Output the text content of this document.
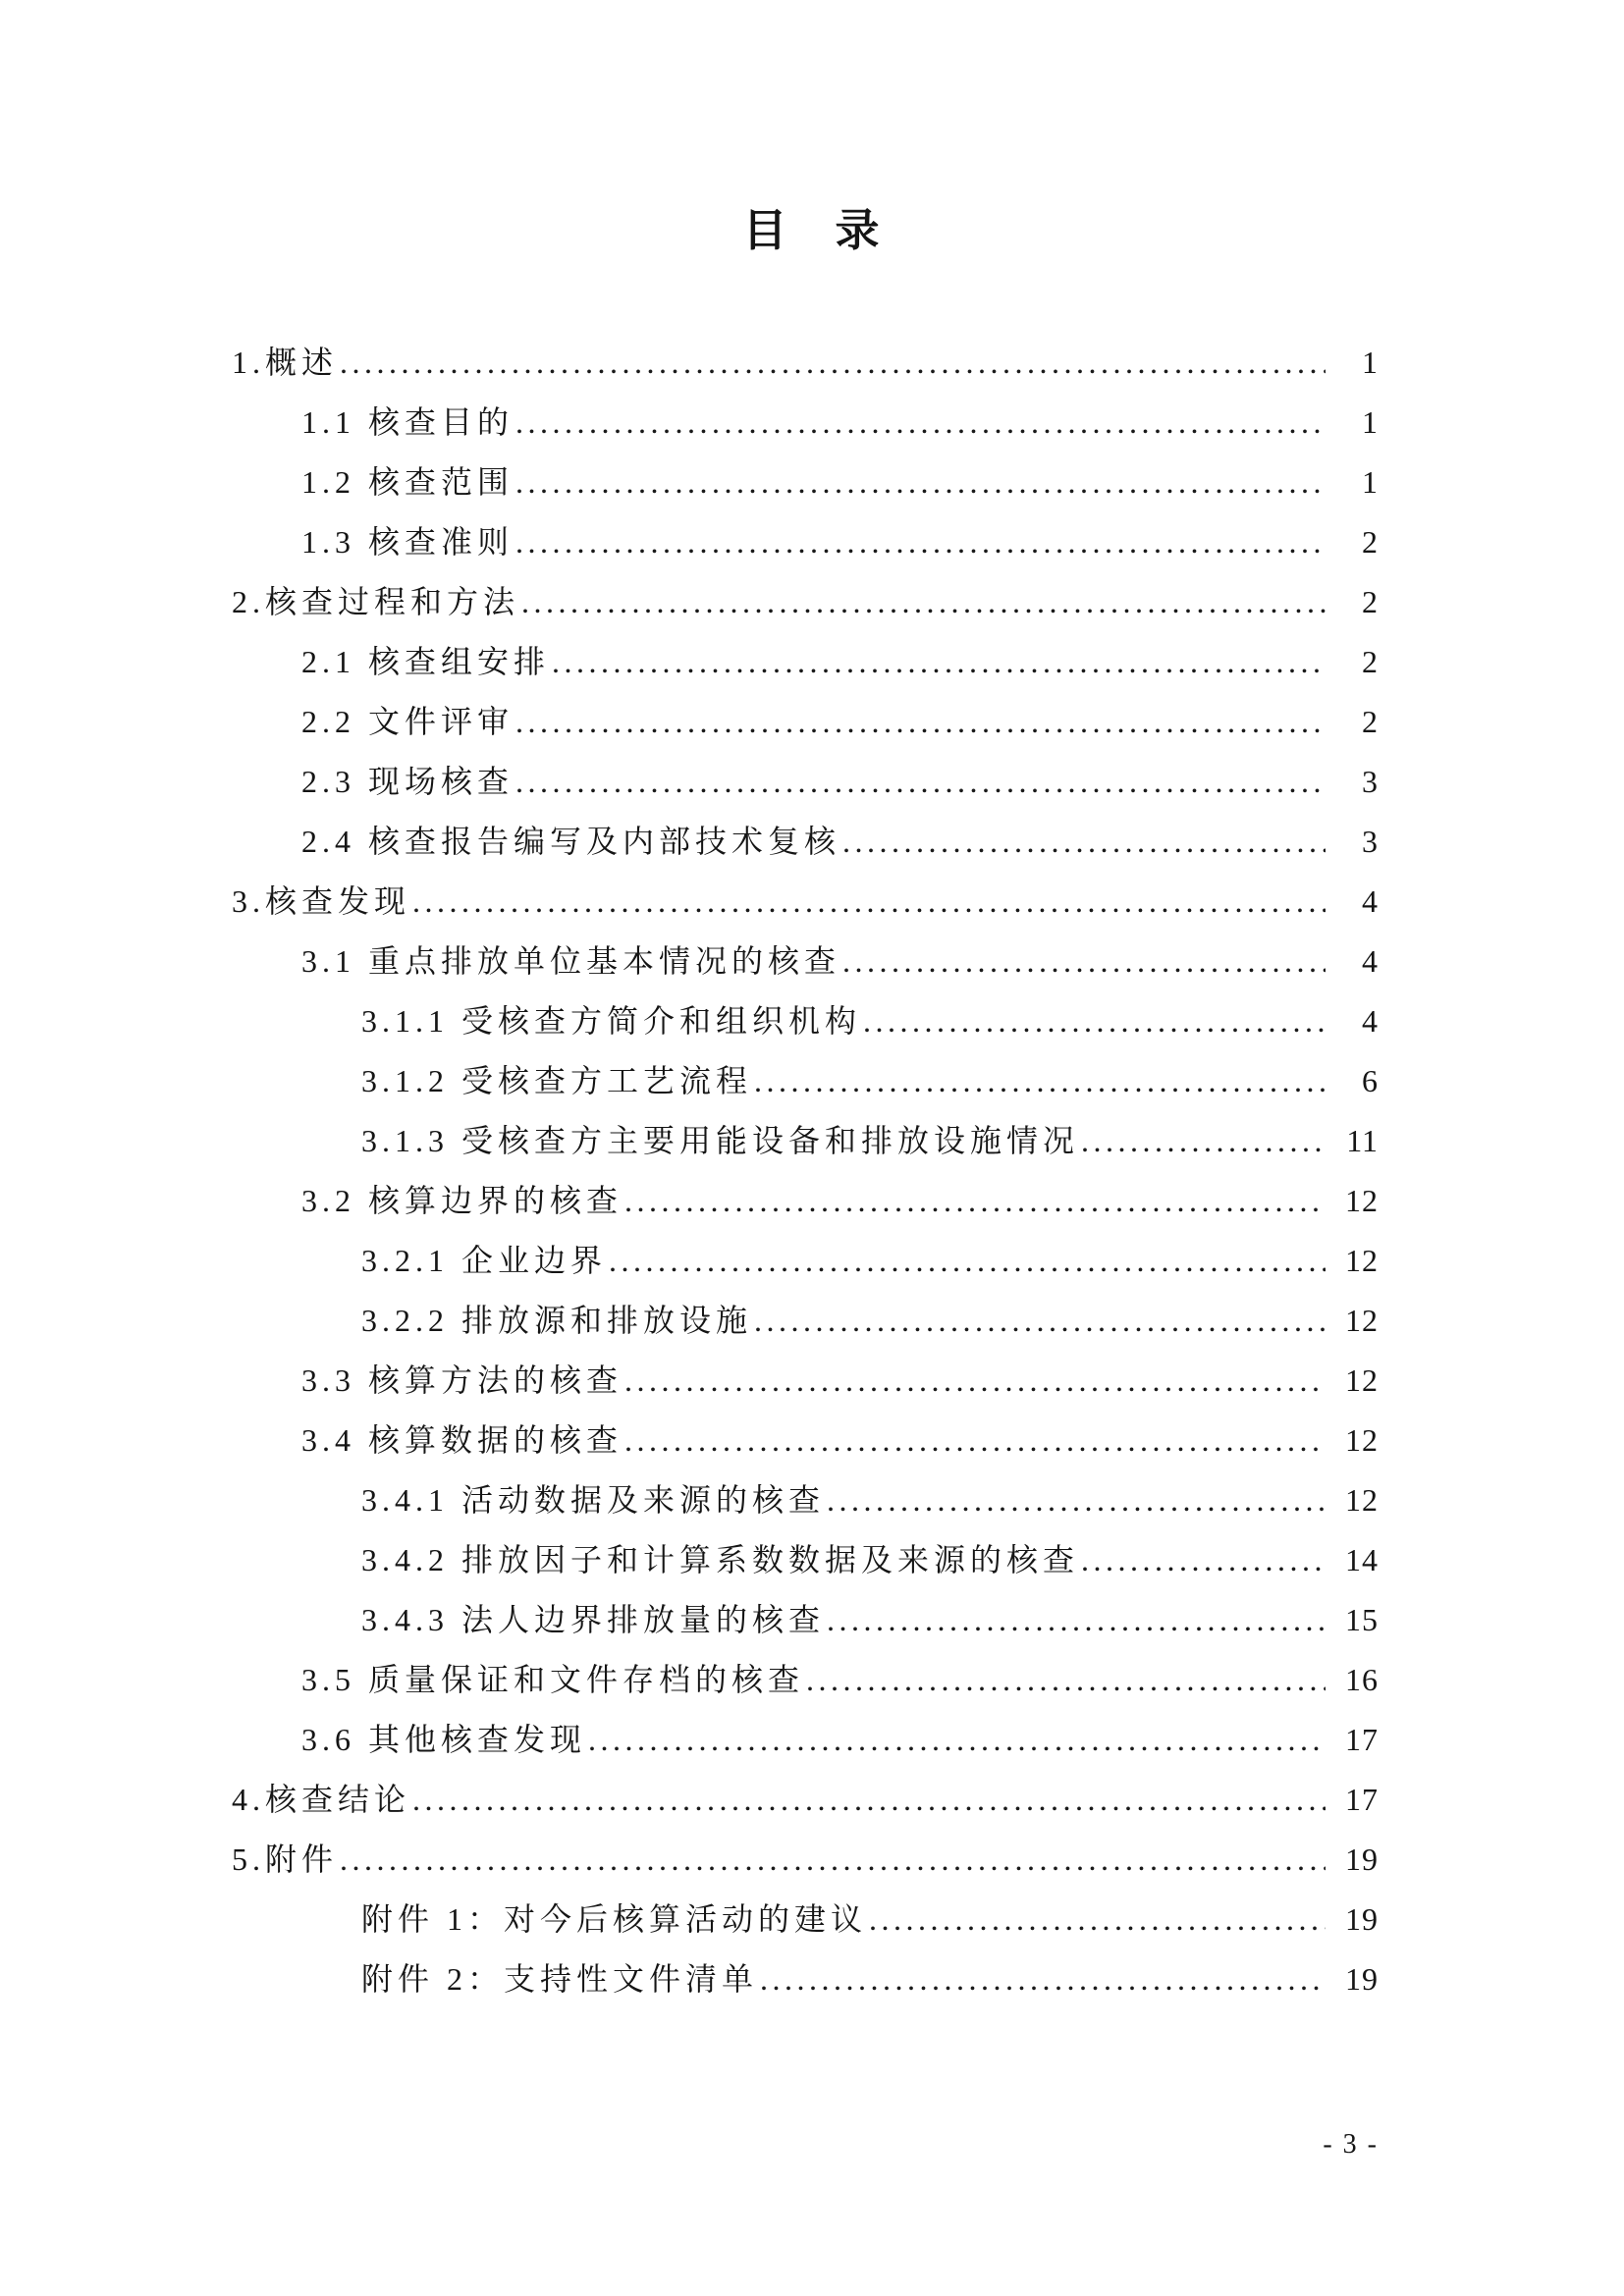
目　录
1.概述 .....	1
1.1 核查目的 .....	1
1.2 核查范围 .....	1
1.3 核查准则 .....	2
2.核查过程和方法 .....	2
2.1 核查组安排 .....	2
2.2 文件评审 .....	2
2.3 现场核查 .....	3
2.4 核查报告编写及内部技术复核 .....	3
3.核查发现 .....	4
3.1 重点排放单位基本情况的核查 .....	4
3.1.1 受核查方简介和组织机构 .....	4
3.1.2 受核查方工艺流程 .....	6
3.1.3 受核查方主要用能设备和排放设施情况 .....	11
3.2 核算边界的核查 .....	12
3.2.1 企业边界 .....	12
3.2.2 排放源和排放设施 .....	12
3.3 核算方法的核查 .....	12
3.4 核算数据的核查 .....	12
3.4.1 活动数据及来源的核查 .....	12
3.4.2 排放因子和计算系数数据及来源的核查 .....	14
3.4.3 法人边界排放量的核查 .....	15
3.5 质量保证和文件存档的核查 .....	16
3.6 其他核查发现 .....	17
4.核查结论 .....	17
5.附件 .....	19
附件 1：对今后核算活动的建议 .....	19
附件 2：支持性文件清单 .....	19
- 3 -
